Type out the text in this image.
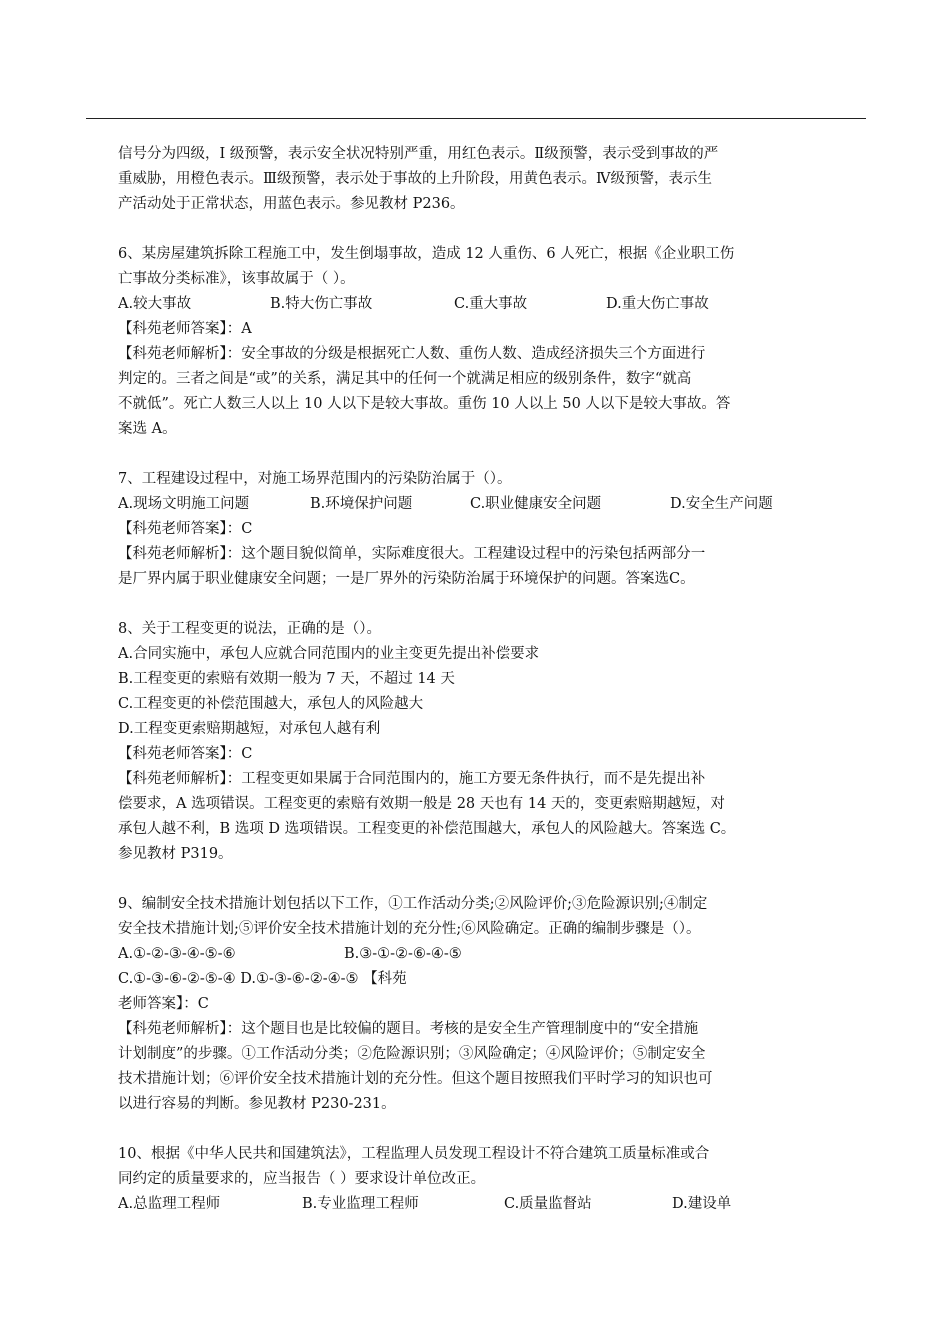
信号分为四级，I 级预警，表示安全状况特别严重，用红色表示。Ⅱ级预警，表示受到事故的严
重威胁，用橙色表示。Ⅲ级预警，表示处于事故的上升阶段，用黄色表示。Ⅳ级预警，表示生
产活动处于正常状态，用蓝色表示。参见教材 P236。
6、某房屋建筑拆除工程施工中，发生倒塌事故，造成 12 人重伤、6 人死亡，根据《企业职工伤
亡事故分类标准》，该事故属于（ ）。
A.较大事故	B.特大伤亡事故	C.重大事故	D.重大伤亡事故
【科苑老师答案】：A
【科苑老师解析】：安全事故的分级是根据死亡人数、重伤人数、造成经济损失三个方面进行
判定的。三者之间是“或”的关系，满足其中的任何一个就满足相应的级别条件，数字“就高
不就低”。死亡人数三人以上 10 人以下是较大事故。重伤 10 人以上 50 人以下是较大事故。答
案选 A。
7、工程建设过程中，对施工场界范围内的污染防治属于（）。
A.现场文明施工问题	B.环境保护问题	C.职业健康安全问题	D.安全生产问题
【科苑老师答案】：C
【科苑老师解析】：这个题目貌似简单，实际难度很大。工程建设过程中的污染包括两部分一
是厂界内属于职业健康安全问题；一是厂界外的污染防治属于环境保护的问题。答案选C。
8、关于工程变更的说法，正确的是（）。
A.合同实施中，承包人应就合同范围内的业主变更先提出补偿要求
B.工程变更的索赔有效期一般为 7 天，不超过 14 天
C.工程变更的补偿范围越大，承包人的风险越大
D.工程变更索赔期越短，对承包人越有利
【科苑老师答案】：C
【科苑老师解析】：工程变更如果属于合同范围内的，施工方要无条件执行，而不是先提出补
偿要求，A 选项错误。工程变更的索赔有效期一般是 28 天也有 14 天的，变更索赔期越短，对
承包人越不利，B 选项 D 选项错误。工程变更的补偿范围越大，承包人的风险越大。答案选 C。
参见教材 P319。
9、编制安全技术措施计划包括以下工作，①工作活动分类;②风险评价;③危险源识别;④制定
安全技术措施计划;⑤评价安全技术措施计划的充分性;⑥风险确定。正确的编制步骤是（）。
A.①-②-③-④-⑤-⑥	B.③-①-②-⑥-④-⑤
C.①-③-⑥-②-⑤-④ D.①-③-⑥-②-④-⑤ 【科苑
老师答案】：C
【科苑老师解析】：这个题目也是比较偏的题目。考核的是安全生产管理制度中的“安全措施
计划制度”的步骤。①工作活动分类；②危险源识别；③风险确定；④风险评价；⑤制定安全
技术措施计划；⑥评价安全技术措施计划的充分性。但这个题目按照我们平时学习的知识也可
以进行容易的判断。参见教材 P230-231。
10、根据《中华人民共和国建筑法》，工程监理人员发现工程设计不符合建筑工质量标准或合
同约定的质量要求的，应当报告（ ）要求设计单位改正。
A.总监理工程师	B.专业监理工程师	C.质量监督站	D.建设单
